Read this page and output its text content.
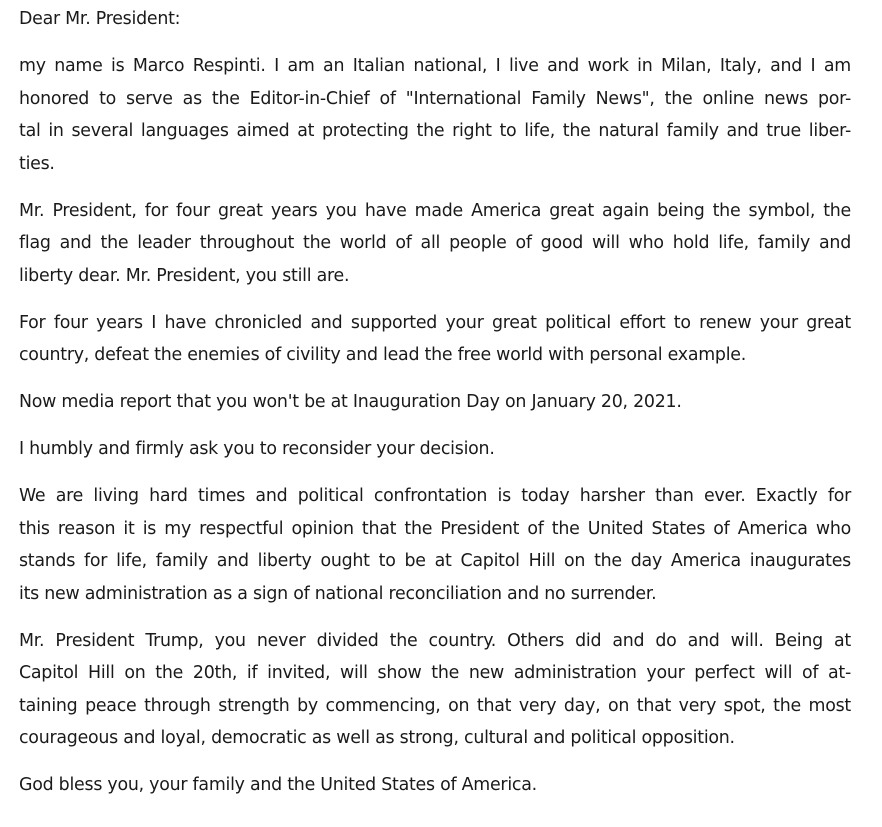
Dear Mr. President:
my name is Marco Respinti. I am an Italian national, I live and work in Milan, Italy, and I am
honored to serve as the Editor-in-Chief of "International Family News", the online news por-
tal in several languages aimed at protecting the right to life, the natural family and true liber-
ties.
Mr. President, for four great years you have made America great again being the symbol, the
flag and the leader throughout the world of all people of good will who hold life, family and
liberty dear. Mr. President, you still are.
For four years I have chronicled and supported your great political effort to renew your great
country, defeat the enemies of civility and lead the free world with personal example.
Now media report that you won't be at Inauguration Day on January 20, 2021.
I humbly and firmly ask you to reconsider your decision.
We are living hard times and political confrontation is today harsher than ever. Exactly for
this reason it is my respectful opinion that the President of the United States of America who
stands for life, family and liberty ought to be at Capitol Hill on the day America inaugurates
its new administration as a sign of national reconciliation and no surrender.
Mr. President Trump, you never divided the country. Others did and do and will. Being at
Capitol Hill on the 20th, if invited, will show the new administration your perfect will of at-
taining peace through strength by commencing, on that very day, on that very spot, the most
courageous and loyal, democratic as well as strong, cultural and political opposition.
God bless you, your family and the United States of America.
